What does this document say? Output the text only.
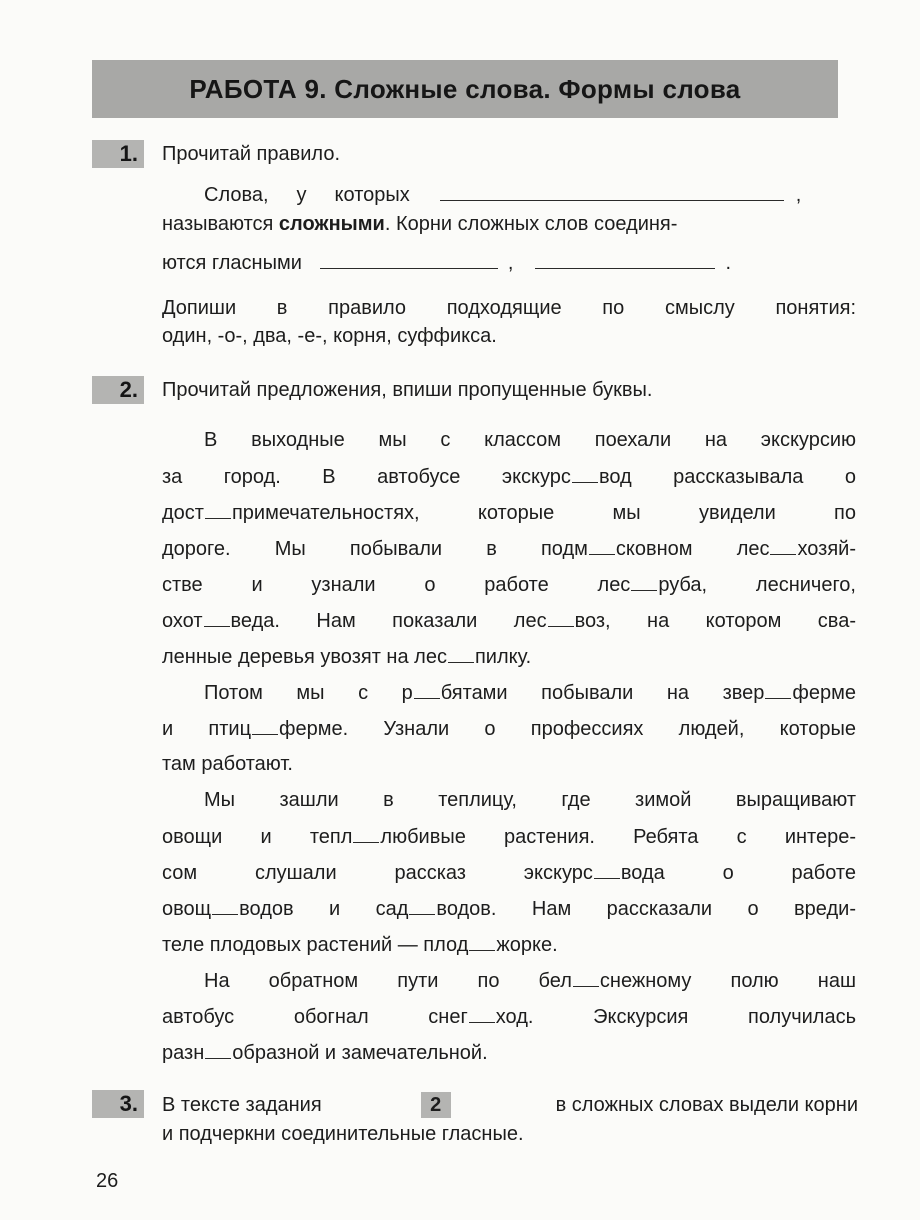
РАБОТА 9. Сложные слова. Формы слова
1.	Прочитай правило.
Слова, у которых	,
называются сложными. Корни сложных слов соединя-
ются гласными	,	.
Допиши в правило подходящие по смыслу понятия:
один, -о-, два, -е-, корня, суффикса.
2.	Прочитай предложения, впиши пропущенные буквы.
В выходные мы с классом поехали на экскурсию
за город. В автобусе экскурс вод рассказывала о
дост примечательностях, которые мы увидели по
дороге. Мы побывали в подм сковном лес хозяй-
стве и узнали о работе лес руба, лесничего,
охот веда. Нам показали лес воз, на котором сва-
ленные деревья увозят на лес пилку.
Потом мы с р бятами побывали на звер ферме
и птиц ферме. Узнали о профессиях людей, которые
там работают.
Мы зашли в теплицу, где зимой выращивают
овощи и тепл любивые растения. Ребята с интере-
сом слушали рассказ экскурс вода о работе
овощ водов и сад водов. Нам рассказали о вреди-
теле плодовых растений — плод жорке.
На обратном пути по бел снежному полю наш
автобус обогнал снег ход. Экскурсия получилась
разн образной и замечательной.
3.	В тексте задания	2	в сложных словах выдели корни
и подчеркни соединительные гласные.
26
